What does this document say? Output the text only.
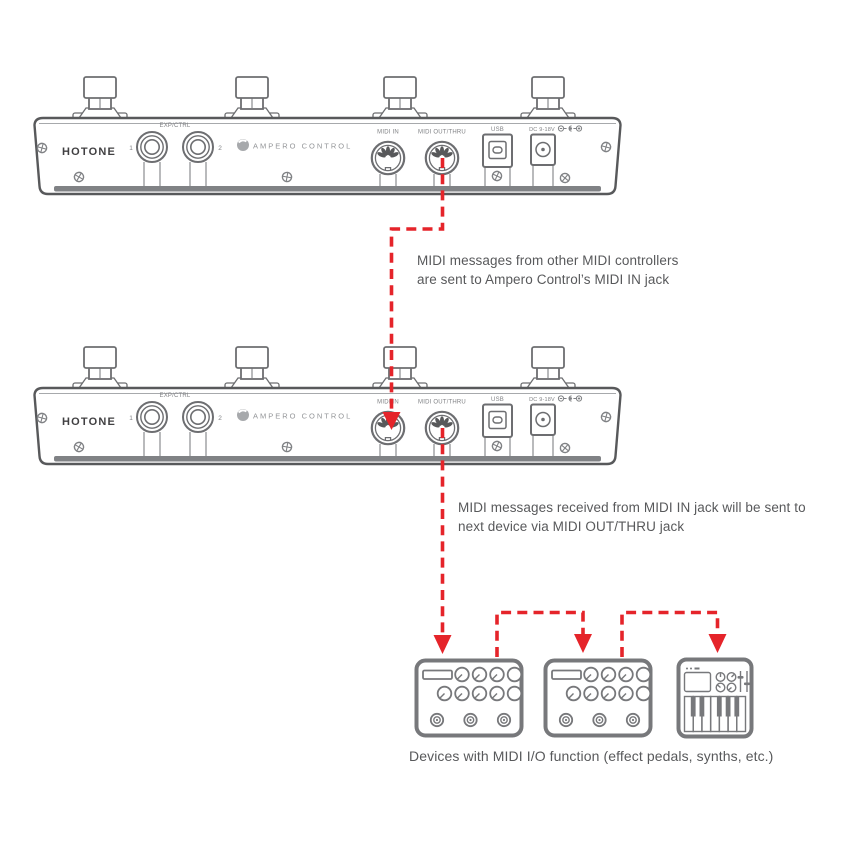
HOTONE
EXP/CTRL
1	2	AMPERO CONTROL
MIDI IN	MIDI OUT/THRU	USB	DC 9-18V
HOTONE
EXP/CTRL
1	2	AMPERO CONTROL
MIDI IN	MIDI OUT/THRU	USB	DC 9-18V
MIDI messages from other MIDI controllers
are sent to Ampero Control’s MIDI IN jack
MIDI messages received from MIDI IN jack will be sent to
next device via MIDI OUT/THRU jack
Devices with MIDI I/O function (effect pedals, synths, etc.)
